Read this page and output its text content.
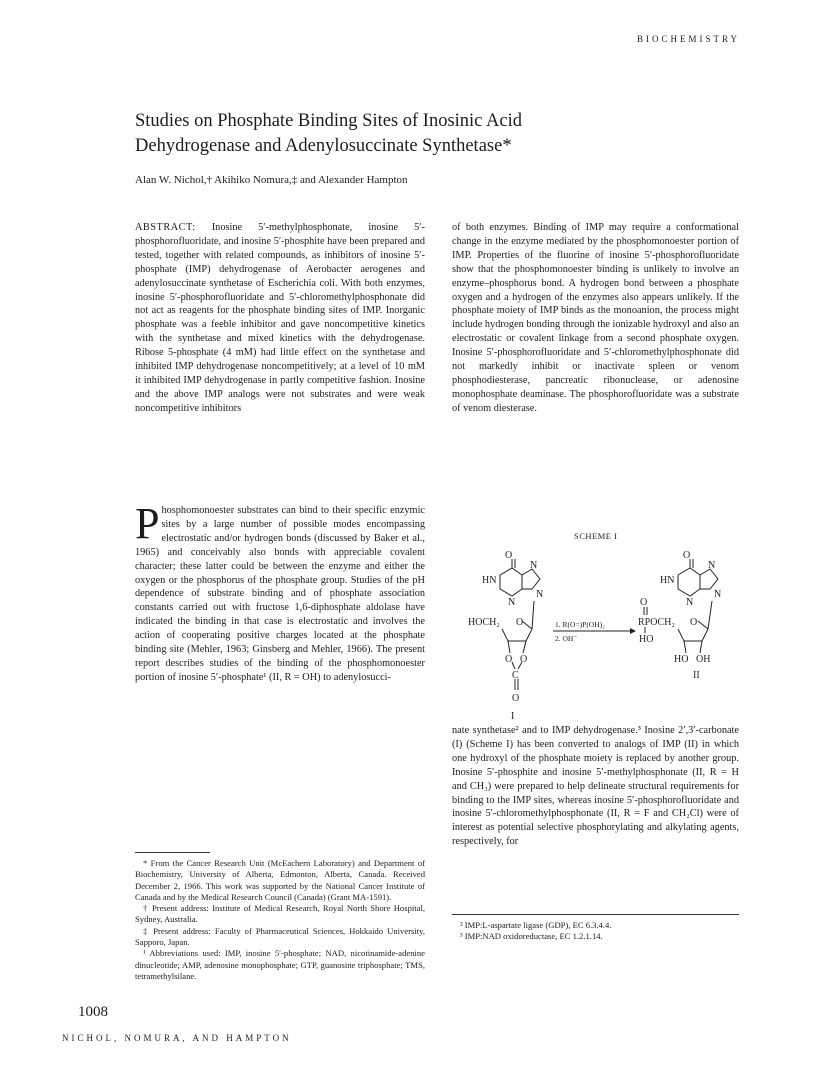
BIOCHEMISTRY
Studies on Phosphate Binding Sites of Inosinic Acid
Dehydrogenase and Adenylosuccinate Synthetase*
Alan W. Nichol,† Akihiko Nomura,‡ and Alexander Hampton

ABSTRACT: Inosine 5′-methylphosphonate, inosine 5′-phosphorofluoridate, and inosine 5′-phosphite have been prepared and tested, together with related compounds, as inhibitors of inosine 5′-phosphate (IMP) dehydrogenase of Aerobacter aerogenes and adenylosuccinate synthetase of Escherichia coli. With both enzymes, inosine 5′-phosphorofluoridate and 5′-chloromethylphosphonate did not act as reagents for the phosphate binding sites of IMP. Inorganic phosphate was a feeble inhibitor and gave noncompetitive kinetics with the synthetase and mixed kinetics with the dehydrogenase. Ribose 5-phosphate (4 mM) had little effect on the synthetase and inhibited IMP dehydrogenase noncompetitively; at a level of 10 mM it inhibited IMP dehydrogenase in partly competitive fashion. Inosine and the above IMP analogs were not substrates and were weak noncompetitive inhibitors

of both enzymes. Binding of IMP may require a conformational change in the enzyme mediated by the phosphomonoester portion of IMP. Properties of the fluorine of inosine 5′-phosphorofluoridate show that the phosphomonoester binding is unlikely to involve an enzyme–phosphorus bond. A hydrogen bond between a phosphate oxygen and a hydrogen of the enzymes also appears unlikely. If the phosphate moiety of IMP binds as the monoanion, the process might include hydrogen bonding through the ionizable hydroxyl and also an electrostatic or covalent linkage from a second phosphate oxygen. Inosine 5′-phosphorofluoridate and 5′-chloromethylphosphonate did not markedly inhibit or inactivate spleen or venom phosphodiesterase, pancreatic ribonuclease, or adenosine monophosphate deaminase. The phosphorofluoridate was a substrate of venom diesterase.

Phosphomonoester substrates can bind to their specific enzymic sites by a large number of possible modes encompassing electrostatic and/or hydrogen bonds (discussed by Baker et al., 1965) and conceivably also bonds with appreciable covalent character; these latter could be between the enzyme and either the oxygen or the phosphorus of the phosphate group. Studies of the pH dependence of substrate binding and of phosphate association constants carried out with fructose 1,6-diphosphate aldolase have indicated the binding in that case is electrostatic and involves the action of cooperating positive charges located at the phosphate binding site (Mehler, 1963; Ginsberg and Mehler, 1966). The present report describes studies of the binding of the phosphomonoester portion of inosine 5′-phosphate¹ (II, R = OH) to adenylosucci-

* From the Cancer Research Unit (McEachern Laboratory) and Department of Biochemistry, University of Alberta, Edmonton, Alberta, Canada. Received December 2, 1966. This work was supported by the National Cancer Institute of Canada and by the Medical Research Council (Canada) (Grant MA-1591).

† Present address: Institute of Medical Research, Royal North Shore Hospital, Sydney, Australia.

‡ Present address: Faculty of Pharmaceutical Sciences, Hokkaido University, Sapporo, Japan.

¹ Abbreviations used: IMP, inosine 5′-phosphate; NAD, nicotinamide-adenine dinucleotide; AMP, adenosine monophosphate; GTP, guanosine triphosphate; TMS, tetramethylsilane.

1008
NICHOL, NOMURA, AND HAMPTON
SCHEME I
O
HN
N
N
N
HOCH₂ O
O O
C
O
I
1. R(O=)P(OH)₂
2. OH⁻
O
HN
N
N
N
O
RPOCH₂ O
HO
HO OH
II

nate synthetase² and to IMP dehydrogenase.³ Inosine 2′,3′-carbonate (I) (Scheme I) has been converted to analogs of IMP (II) in which one hydroxyl of the phosphate moiety is replaced by another group. Inosine 5′-phosphite and inosine 5′-methylphosphonate (II, R = H and CH₃) were prepared to help delineate structural requirements for binding to the IMP sites, whereas inosine 5′-phosphorofluoridate and inosine 5′-chloromethylphosphonate (II, R = F and CH₂Cl) were of interest as potential selective phosphorylating and alkylating agents, respectively, for

² IMP:L-aspartate ligase (GDP), EC 6.3.4.4.

³ IMP:NAD oxidoreductase, EC 1.2.1.14.
